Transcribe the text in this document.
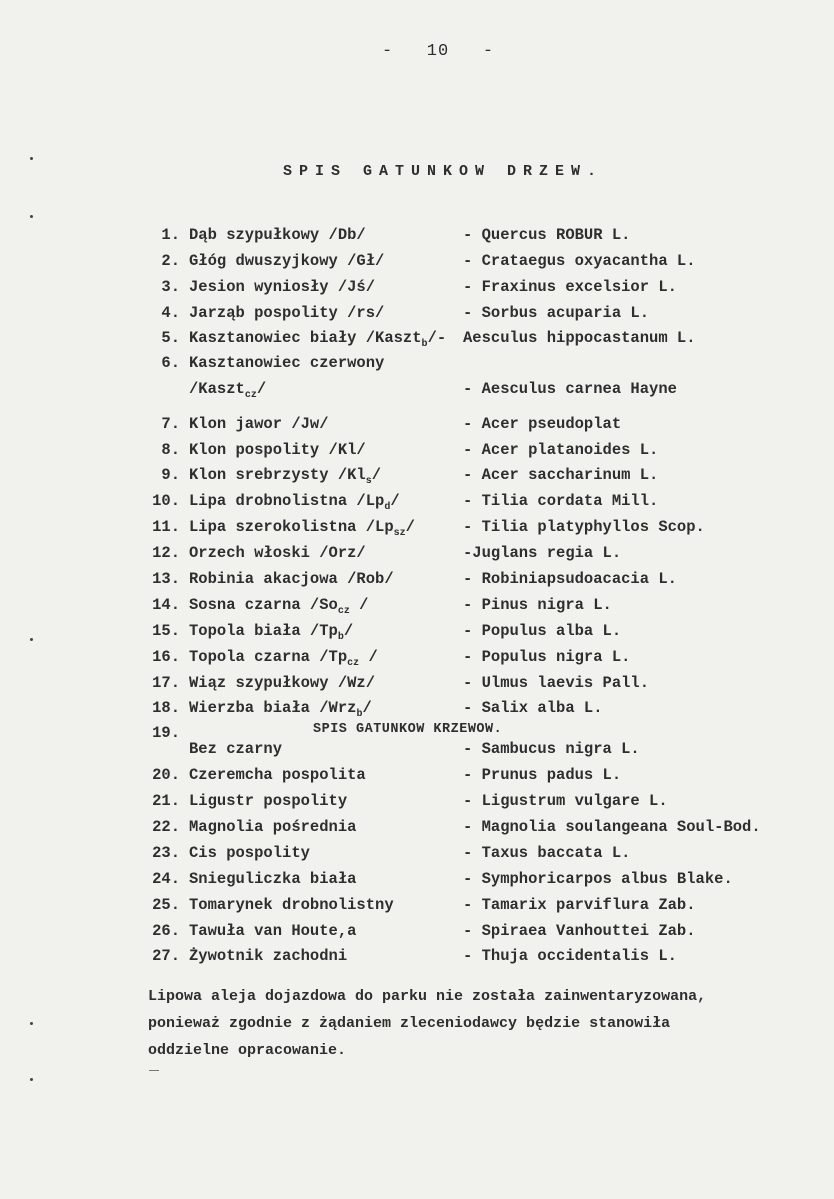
-   10   -
SPIS GATUNKOW DRZEW.
1. Dąb szypułkowy /Db/	- Quercus ROBUR L.
2. Głóg dwuszyjkowy /Gł/	- Crataegus oxyacantha L.
3. Jesion wyniosły /Jś/	- Fraxinus excelsior L.
4. Jarząb pospolity /rs/	- Sorbus acuparia L.
5. Kasztanowiec biały /Kaszt$_b$/- Aesculus hippocastanum L.
6. Kasztanowiec czerwony
/Kaszt$_{cz}$/	- Aesculus carnea Hayne
7. Klon jawor /Jw/	- Acer pseudoplat
8. Klon pospolity /Kl/	- Acer platanoides L.
9. Klon srebrzysty $/Kl_s/$	- Acer saccharinum L.
10. Lipa drobnolistna $/Lp_d/$	- Tilia cordata Mill.
11. Lipa szerokolistna $/Lp_{sz}/$	- Tilia platyphyllos Scop.
12. Orzech włoski /Orz/	-Juglans regia L.
13. Robinia akacjowa /Rob/	- Robiniapsudoacacia L.
14. Sosna czarna $/So_{cz}$ /	- Pinus nigra L.
15. Topola biała $/Tp_b/$	- Populus alba L.
16. Topola czarna $/Tp_{cz}$ /	- Populus nigra L.
17. Wiąz szypułkowy /Wz/	- Ulmus laevis Pall.
18. Wierzba biała /Wrz$_b$/	- Salix alba L.
SPIS GATUNKOW KRZEWOW.
19.
Bez czarny	- Sambucus nigra L.
20. Czeremcha pospolita	- Prunus padus L.
21. Ligustr pospolity	- Ligustrum vulgare L.
22. Magnolia pośrednia	- Magnolia soulangeana Soul-Bod.
23. Cis pospolity	- Taxus baccata L.
24. Snieguliczka biała	- Symphoricarpos albus Blake.
25. Tomarynek drobnolistny	- Tamarix parviflura Zab.
26. Tawuła van Houte,a	- Spiraea Vanhouttei Zab.
27. Żywotnik zachodni	- Thuja occidentalis L.
Lipowa aleja dojazdowa do parku nie została zainwentaryzowana,
ponieważ zgodnie z żądaniem zleceniodawcy będzie stanowiła
oddzielne opracowanie.
